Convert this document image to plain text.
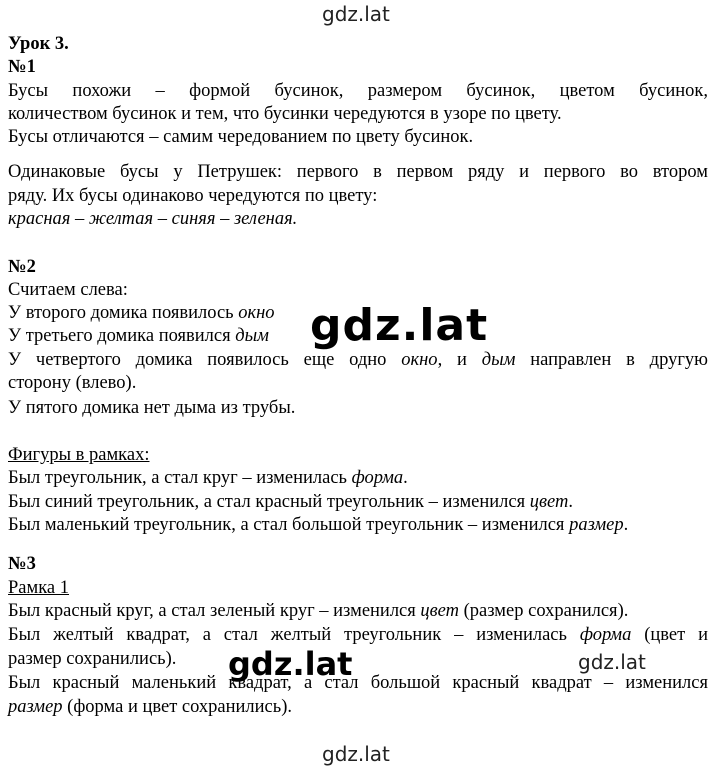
gdz.lat
gdz.lat
gdz.lat	gdz.lat
gdz.lat
Урок 3.
№1
Бусы похожи – формой бусинок, размером бусинок, цветом бусинок,
количеством бусинок и тем, что бусинки чередуются в узоре по цвету.
Бусы отличаются – самим чередованием по цвету бусинок.
Одинаковые бусы у Петрушек: первого в первом ряду и первого во втором
ряду. Их бусы одинаково чередуются по цвету:
красная – желтая – синяя – зеленая.
№2
Считаем слева:
У второго домика появилось окно
У третьего домика появился дым
У четвертого домика появилось еще одно окно, и дым направлен в другую
сторону (влево).
У пятого домика нет дыма из трубы.
Фигуры в рамках:
Был треугольник, а стал круг – изменилась форма.
Был синий треугольник, а стал красный треугольник – изменился цвет.
Был маленький треугольник, а стал большой треугольник – изменился размер.
№3
Рамка 1
Был красный круг, а стал зеленый круг – изменился цвет (размер сохранился).
Был желтый квадрат, а стал желтый треугольник – изменилась форма (цвет и
размер сохранились).
Был красный маленький квадрат, а стал большой красный квадрат – изменился
размер (форма и цвет сохранились).
